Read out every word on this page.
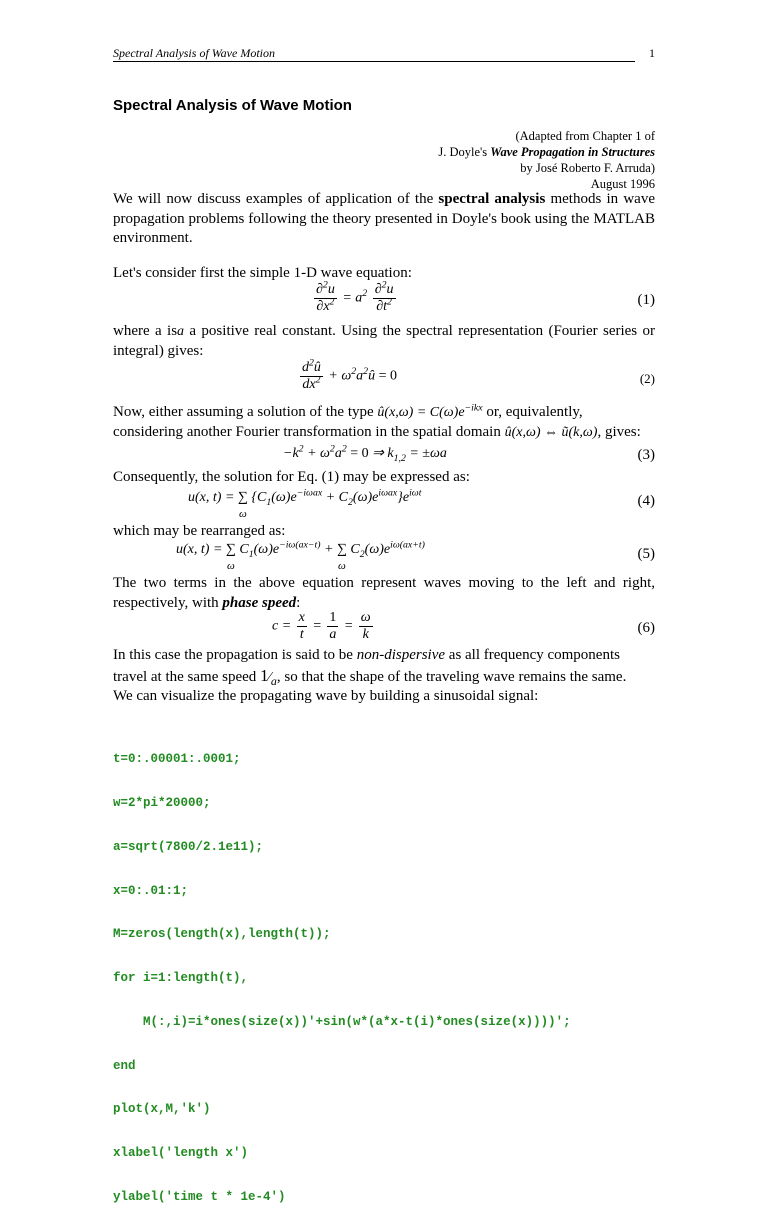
Spectral Analysis of Wave Motion	1
Spectral Analysis of Wave Motion
(Adapted from Chapter 1 of
J. Doyle's Wave Propagation in Structures
by José Roberto F. Arruda)
August 1996
We will now discuss examples of application of the spectral analysis methods in wave propagation problems following the theory presented in Doyle's book using the MATLAB environment.
Let's consider first the simple 1-D wave equation:
$\frac{\partial^2u}{\partial x^2} = a^2 \frac{\partial^2u}{\partial t^2}$	(1)
where a isa a positive real constant. Using the spectral representation (Fourier series or integral) gives:
$\frac{d^2û}{dx^2}$ + $\omega^2a^2û = 0$	(2)
Now, either assuming a solution of the type û(x,ω) = $C(\omega)e^{-ikx}$ or, equivalently,
considering another Fourier transformation in the spatial domain û(x,ω) ⇔ ũ(k,ω), gives:
$-k^2 + \omega^2a^2 = 0$ ⇒ $k_{1,2} = \pm\omega a$	(3)
Consequently, the solution for Eq. (1) may be expressed as:
u(x, t) = ∑
ω $\{C_1(\omega)e^{-i\omega ax} + C_2(\omega)e^{i\omega ax}\}e^{i\omega t}$
(4)
which may be rearranged as:
u(x, t) = ∑
ω $C_1(\omega)e^{-i\omega(ax-t)}$ + ∑
ω $C_2(\omega)e^{i\omega(ax+t)}$
(5)
The two terms in the above equation represent waves moving to the left and right, respectively, with phase speed:
$c = \frac{x}{t} = \frac{1}{a} = \frac{\omega}{k}$	(6)
In this case the propagation is said to be non-dispersive as all frequency components
travel at the same speed 1⁄a, so that the shape of the traveling wave remains the same.
We can visualize the propagating wave by building a sinusoidal signal:

t=0:.00001:.0001;

w=2*pi*20000;

a=sqrt(7800/2.1e11);

x=0:.01:1;

M=zeros(length(x),length(t));

for i=1:length(t),

M(:,i)=i*ones(size(x))'+sin(w*(a*x-t(i)*ones(size(x))))';

end

plot(x,M,'k')

xlabel('length x')

ylabel('time t * 1e-4')
